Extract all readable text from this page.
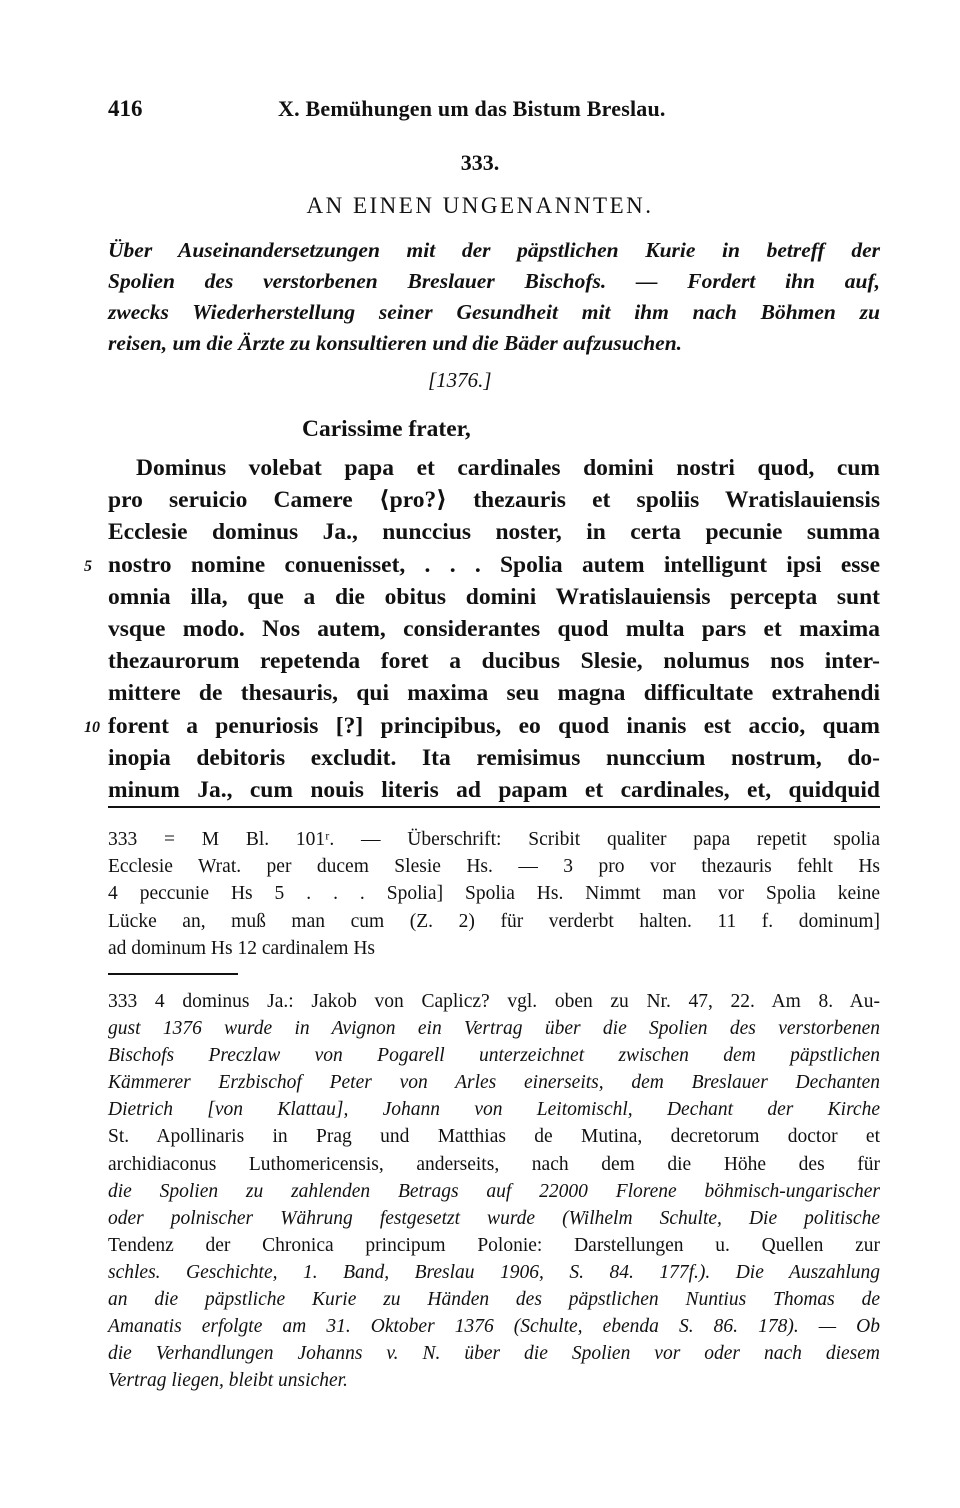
416	X. Bemühungen um das Bistum Breslau.
333.
AN EINEN UNGENANNTEN.
Über Auseinandersetzungen mit der päpstlichen Kurie in betreff der
Spolien des verstorbenen Breslauer Bischofs. — Fordert ihn auf,
zwecks Wiederherstellung seiner Gesundheit mit ihm nach Böhmen zu
reisen, um die Ärzte zu konsultieren und die Bäder aufzusuchen.
[1376.]
Carissime frater,
Dominus volebat papa et cardinales domini nostri quod, cum
pro seruicio Camere ⟨pro?⟩ thezauris et spoliis Wratislauiensis
Ecclesie dominus Ja., nunccius noster, in certa pecunie summa
5 nostro nomine conuenisset, . . . Spolia autem intelligunt ipsi esse
omnia illa, que a die obitus domini Wratislauiensis percepta sunt
vsque modo. Nos autem, considerantes quod multa pars et maxima
thezaurorum repetenda foret a ducibus Slesie, nolumus nos inter-
mittere de thesauris, qui maxima seu magna difficultate extrahendi
10 forent a penuriosis [?] principibus, eo quod inanis est accio, quam
inopia debitoris excludit. Ita remisimus nunccium nostrum, do-
minum Ja., cum nouis literis ad papam et cardinales, et, quidquid
333 = M Bl. 101ʳ. — Überschrift: Scribit qualiter papa repetit spolia
Ecclesie Wrat. per ducem Slesie Hs. — 3 pro vor thezauris fehlt Hs
4 peccunie Hs 5 . . . Spolia] Spolia Hs. Nimmt man vor Spolia keine
Lücke an, muß man cum (Z. 2) für verderbt halten. 11 f. dominum]
ad dominum Hs 12 cardinalem Hs
333 4 dominus Ja.: Jakob von Caplicz? vgl. oben zu Nr. 47, 22. Am 8. Au-
gust 1376 wurde in Avignon ein Vertrag über die Spolien des verstorbenen
Bischofs Preczlaw von Pogarell unterzeichnet zwischen dem päpstlichen
Kämmerer Erzbischof Peter von Arles einerseits, dem Breslauer Dechanten
Dietrich [von Klattau], Johann von Leitomischl, Dechant der Kirche
St. Apollinaris in Prag und Matthias de Mutina, decretorum doctor et
archidiaconus Luthomericensis, anderseits, nach dem die Höhe des für
die Spolien zu zahlenden Betrags auf 22000 Florene böhmisch-ungarischer
oder polnischer Währung festgesetzt wurde (Wilhelm Schulte, Die politische
Tendenz der Chronica principum Polonie: Darstellungen u. Quellen zur
schles. Geschichte, 1. Band, Breslau 1906, S. 84. 177f.). Die Auszahlung
an die päpstliche Kurie zu Händen des päpstlichen Nuntius Thomas de
Amanatis erfolgte am 31. Oktober 1376 (Schulte, ebenda S. 86. 178). — Ob
die Verhandlungen Johanns v. N. über die Spolien vor oder nach diesem
Vertrag liegen, bleibt unsicher.
